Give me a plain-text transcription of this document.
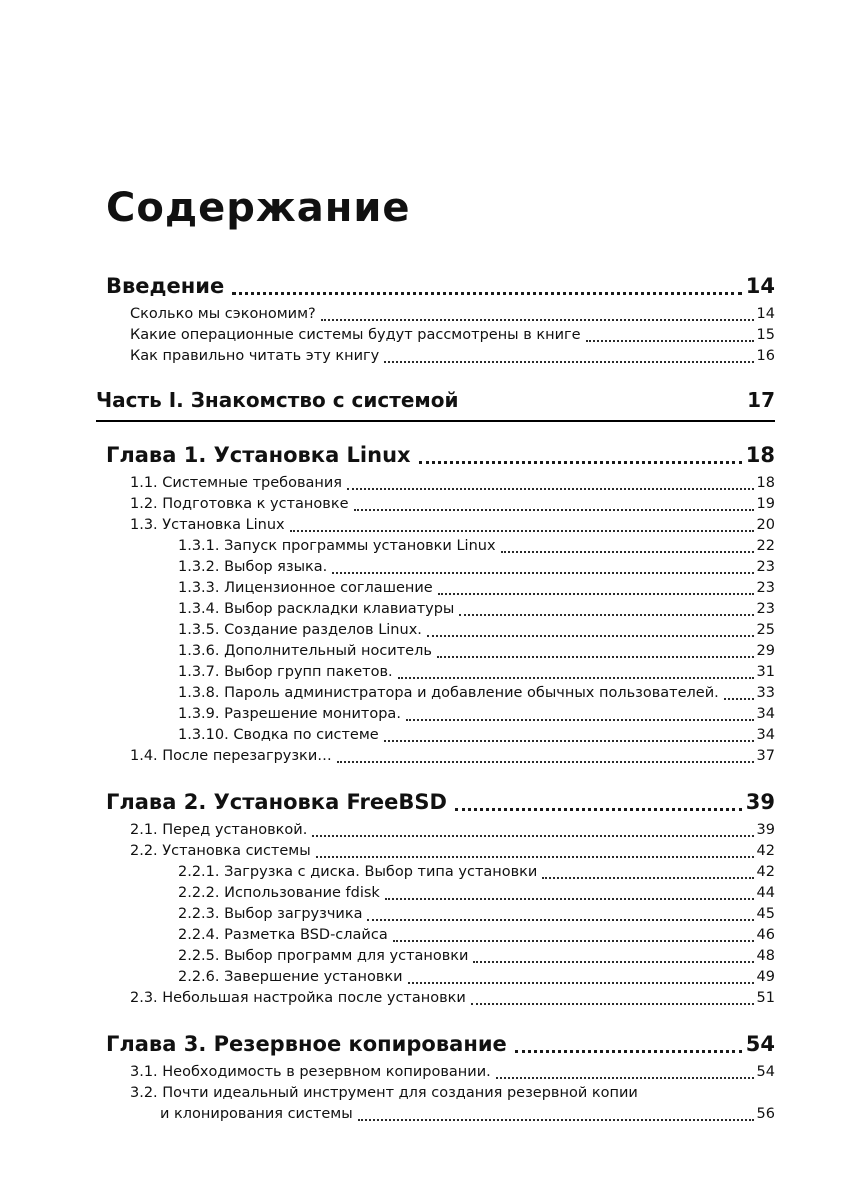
Содержание
Введение	14
Сколько мы сэкономим?	14
Какие операционные системы будут рассмотрены в книге	15
Как правильно читать эту книгу	16
Часть I. Знакомство с системой	17
Глава 1. Установка Linux	18
1.1. Системные требования	18
1.2. Подготовка к установке	19
1.3. Установка Linux	20
1.3.1. Запуск программы установки Linux	22
1.3.2. Выбор языка.	23
1.3.3. Лицензионное соглашение	23
1.3.4. Выбор раскладки клавиатуры	23
1.3.5. Создание разделов Linux.	25
1.3.6. Дополнительный носитель	29
1.3.7. Выбор групп пакетов.	31
1.3.8. Пароль администратора и добавление обычных пользователей.	33
1.3.9. Разрешение монитора.	34
1.3.10. Сводка по системе	34
1.4. После перезагрузки…	37
Глава 2. Установка FreeBSD	39
2.1. Перед установкой.	39
2.2. Установка системы	42
2.2.1. Загрузка с диска. Выбор типа установки	42
2.2.2. Использование fdisk	44
2.2.3. Выбор загрузчика	45
2.2.4. Разметка BSD-слайса	46
2.2.5. Выбор программ для установки	48
2.2.6. Завершение установки	49
2.3. Небольшая настройка после установки	51
Глава 3. Резервное копирование	54
3.1. Необходимость в резервном копировании.	54
3.2. Почти идеальный инструмент для создания резервной копии
и клонирования системы	56
